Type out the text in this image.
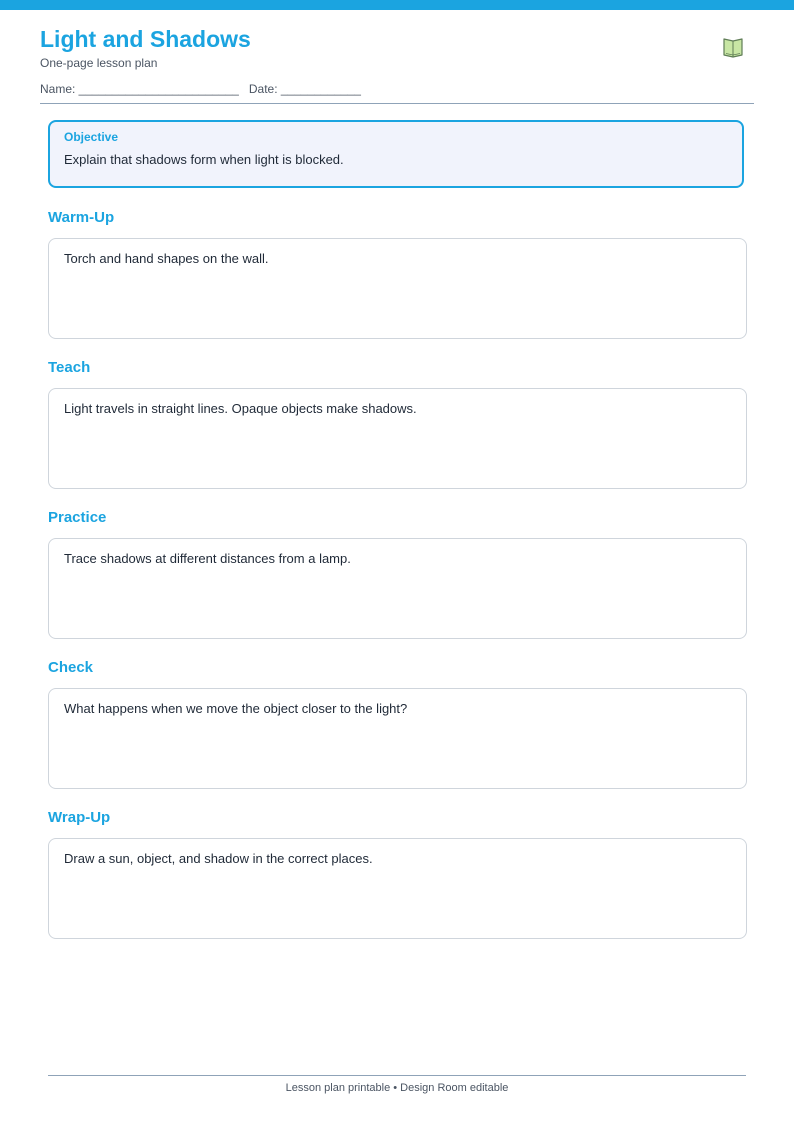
Light and Shadows
One-page lesson plan
Name: ________________________ Date: ____________
Objective
Explain that shadows form when light is blocked.
Warm-Up
Torch and hand shapes on the wall.
Teach
Light travels in straight lines. Opaque objects make shadows.
Practice
Trace shadows at different distances from a lamp.
Check
What happens when we move the object closer to the light?
Wrap-Up
Draw a sun, object, and shadow in the correct places.
Lesson plan printable • Design Room editable
